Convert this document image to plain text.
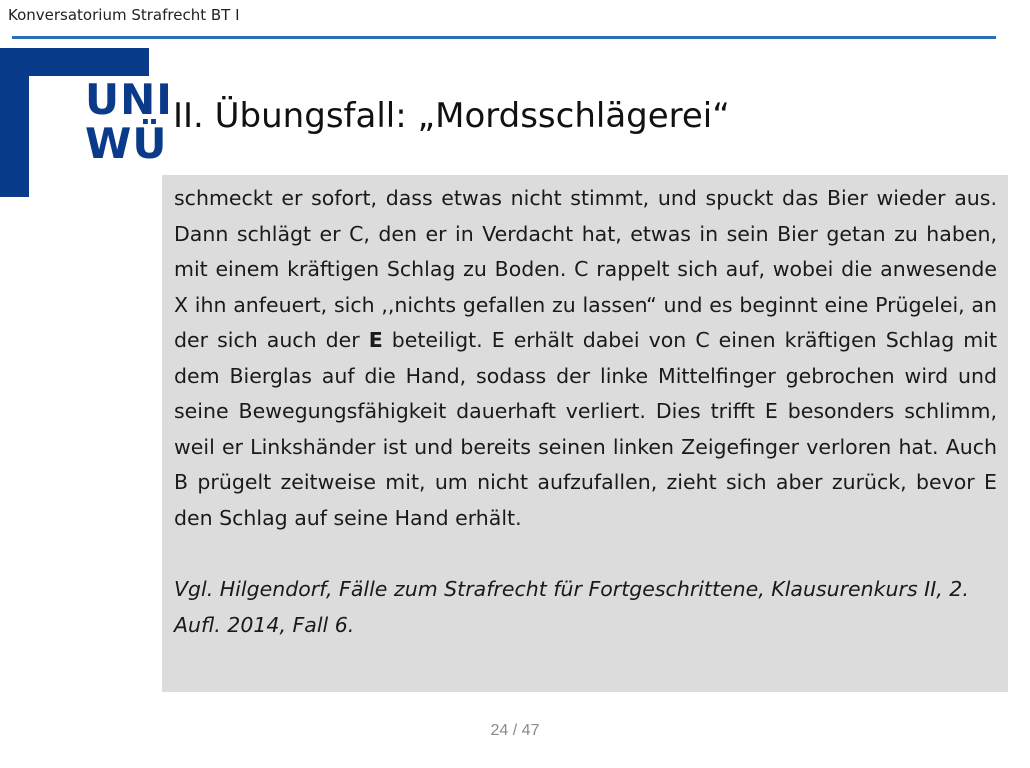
Konversatorium Strafrecht BT I
UNI
WÜ
II. Übungsfall: „Mordsschlägerei“

schmeckt er sofort, dass etwas nicht stimmt, und spuckt das Bier wieder aus. Dann schlägt er C, den er in Verdacht hat, etwas in sein Bier getan zu haben, mit einem kräftigen Schlag zu Boden. C rappelt sich auf, wobei die anwesende X ihn anfeuert, sich ,,nichts gefallen zu lassen“ und es beginnt eine Prügelei, an der sich auch der E beteiligt. E erhält dabei von C einen kräftigen Schlag mit dem Bierglas auf die Hand, sodass der linke Mittelfinger gebrochen wird und seine Bewegungsfähigkeit dauerhaft verliert. Dies trifft E besonders schlimm, weil er Linkshänder ist und bereits seinen linken Zeigefinger verloren hat. Auch B prügelt zeitweise mit, um nicht aufzufallen, zieht sich aber zurück, bevor E den Schlag auf seine Hand erhält.

Vgl. Hilgendorf, Fälle zum Strafrecht für Fortgeschrittene, Klausurenkurs II, 2. Aufl. 2014, Fall 6.

24 / 47
